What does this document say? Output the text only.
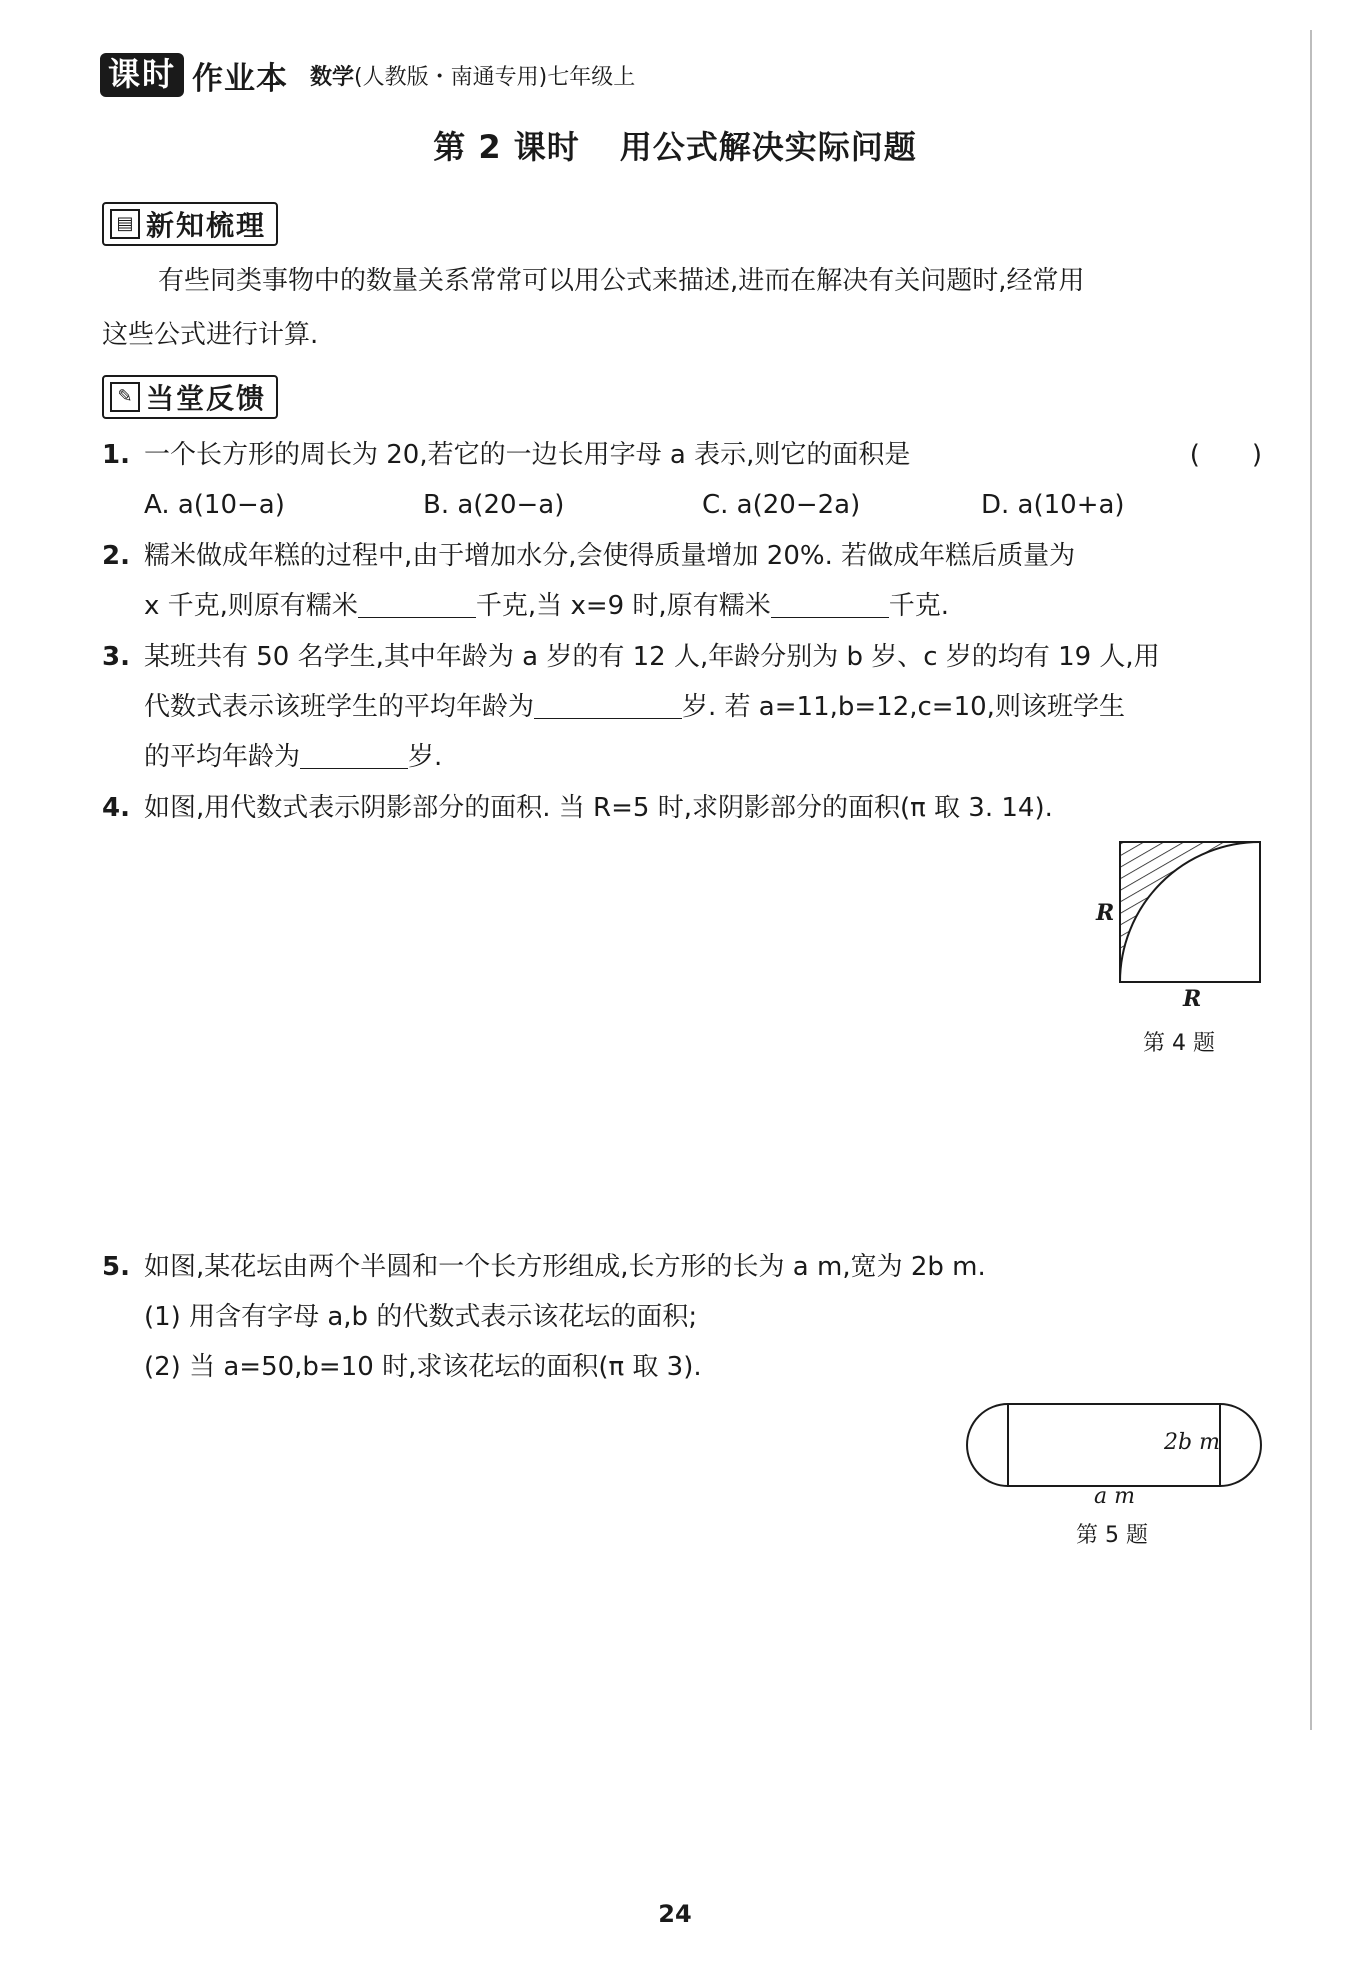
课时 作业本 数学(人教版・南通专用)七年级上
第 2 课时 用公式解决实际问题
▤ 新知梳理
有些同类事物中的数量关系常常可以用公式来描述,进而在解决有关问题时,经常用
这些公式进行计算.
✎ 当堂反馈
1. 一个长方形的周长为 20,若它的一边长用字母 a 表示,则它的面积是	(　　)
A. a(10−a)	B. a(20−a)	C. a(20−2a)	D. a(10+a)
2. 糯米做成年糕的过程中,由于增加水分,会使得质量增加 20%. 若做成年糕后质量为
x 千克,则原有糯米	千克,当 x=9 时,原有糯米	千克.
3. 某班共有 50 名学生,其中年龄为 a 岁的有 12 人,年龄分别为 b 岁、c 岁的均有 19 人,用
代数式表示该班学生的平均年龄为	岁. 若 a=11,b=12,c=10,则该班学生
的平均年龄为	岁.
4. 如图,用代数式表示阴影部分的面积. 当 R=5 时,求阴影部分的面积(π 取 3. 14).
R
R
第 4 题
5. 如图,某花坛由两个半圆和一个长方形组成,长方形的长为 a m,宽为 2b m.
(1) 用含有字母 a,b 的代数式表示该花坛的面积;
(2) 当 a=50,b=10 时,求该花坛的面积(π 取 3).
2b m
a m
第 5 题
24
